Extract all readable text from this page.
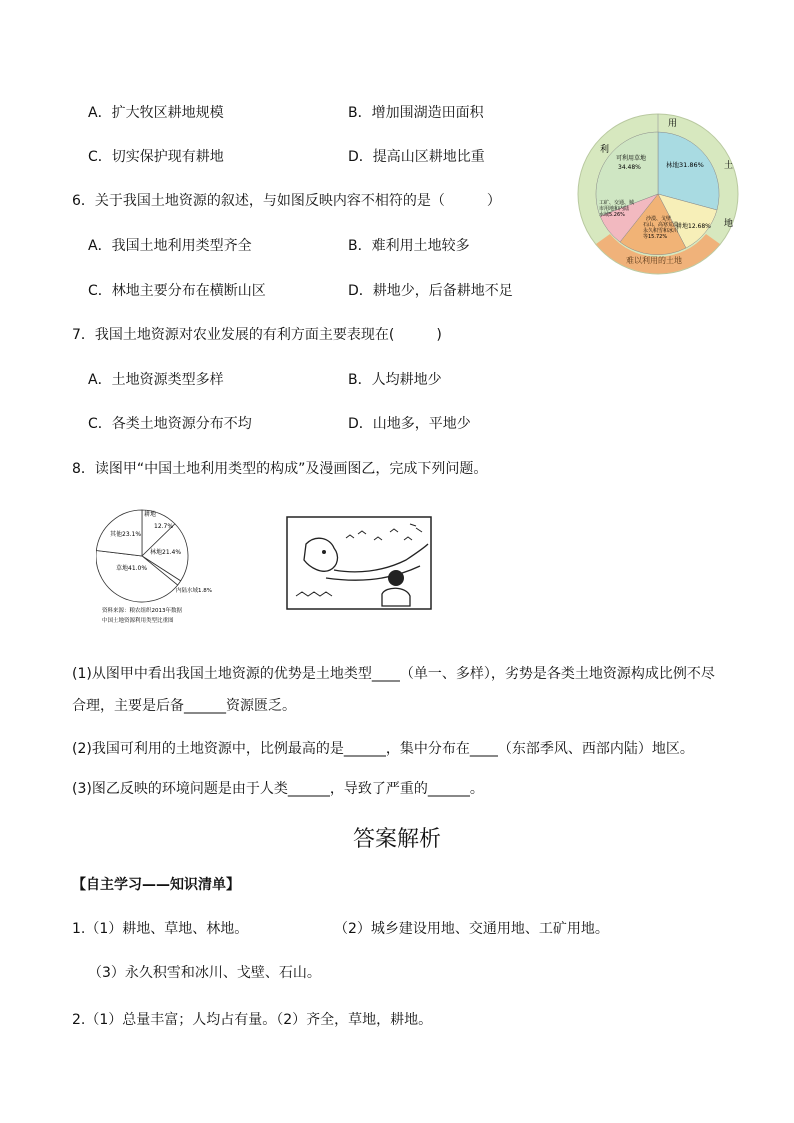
A．扩大牧区耕地规模	B．增加围湖造田面积
C．切实保护现有耕地	D．提高山区耕地比重
6．关于我国土地资源的叙述，与如图反映内容不相符的是（　　　）
A．我国土地利用类型齐全	B．难利用土地较多
C．林地主要分布在横断山区	D．耕地少，后备耕地不足
利
用
土
地
难以利用的土地
林地31.86%
耕地12.68%
沙漠、戈壁
石山、高寒荒漠
永久积雪和冰川
等15.72%
工矿、交通、城
市用地和内陆
水域5.26%
可利用草地
34.48%
7．我国土地资源对农业发展的有利方面主要表现在(　　　)
A．土地资源类型多样	B．人均耕地少
C．各类土地资源分布不均	D．山地多，平地少
8．读图甲“中国土地利用类型的构成”及漫画图乙，完成下列问题。
耕地
12.7%
林地21.4%
内陆水域1.8%
草地41.0%
其他23.1%
资料来源：粮农组织2013年数据
中国土地资源利用类型比重图
(1)从图甲中看出我国土地资源的优势是土地类型____（单一、多样），劣势是各类土地资源构成比例不尽
合理，主要是后备______资源匮乏。
(2)我国可利用的土地资源中，比例最高的是______，集中分布在____（东部季风、西部内陆）地区。
(3)图乙反映的环境问题是由于人类______，导致了严重的______。
答案解析
【自主学习——知识清单】
1.（1）耕地、草地、林地。	（2）城乡建设用地、交通用地、工矿用地。
（3）永久积雪和冰川、戈壁、石山。
2.（1）总量丰富；人均占有量。（2）齐全，草地，耕地。
